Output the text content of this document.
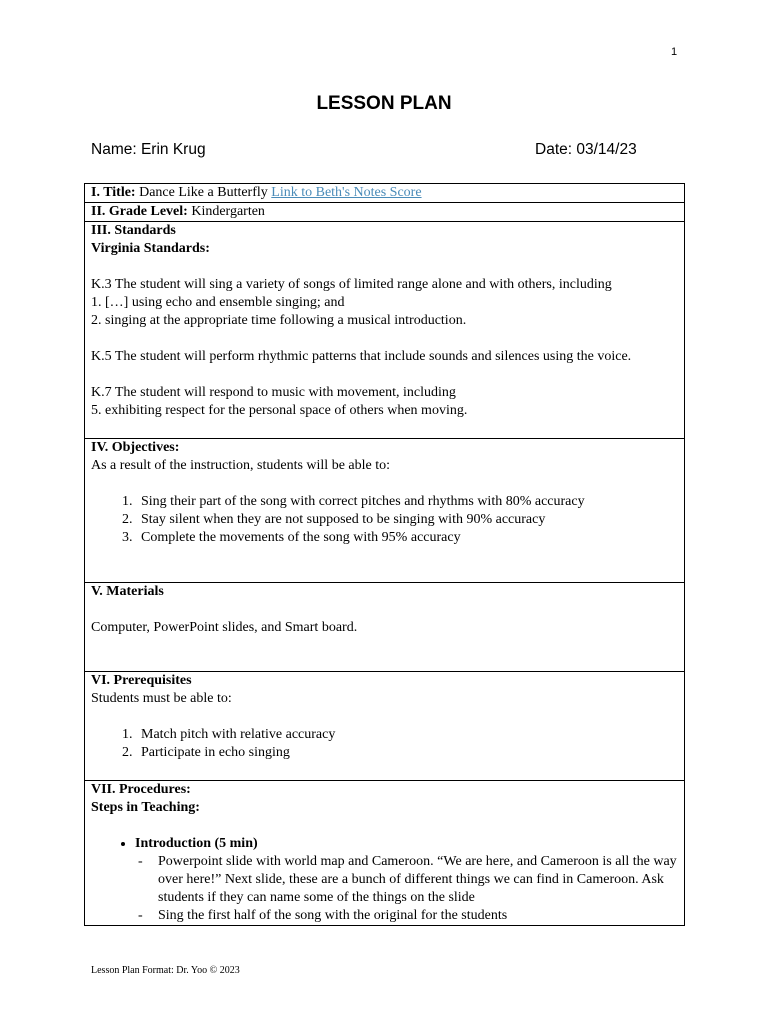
1
LESSON PLAN
Name: Erin Krug	Date: 03/14/23
I. Title: Dance Like a Butterfly Link to Beth's Notes Score
II. Grade Level: Kindergarten

III. Standards
Virginia Standards:
K.3 The student will sing a variety of songs of limited range alone and with others, including
1. […] using echo and ensemble singing; and
2. singing at the appropriate time following a musical introduction.
K.5 The student will perform rhythmic patterns that include sounds and silences using the voice.
K.7 The student will respond to music with movement, including
5. exhibiting respect for the personal space of others when moving.

IV. Objectives:
As a result of the instruction, students will be able to:
1. Sing their part of the song with correct pitches and rhythms with 80% accuracy
2. Stay silent when they are not supposed to be singing with 90% accuracy
3. Complete the movements of the song with 95% accuracy

V. Materials
Computer, PowerPoint slides, and Smart board.

VI. Prerequisites
Students must be able to:
1. Match pitch with relative accuracy
2. Participate in echo singing

VII. Procedures:
Steps in Teaching:
• Introduction (5 min)
- Powerpoint slide with world map and Cameroon. “We are here, and Cameroon is all the way over here!” Next slide, these are a bunch of different things we can find in Cameroon. Ask students if they can name some of the things on the slide
- Sing the first half of the song with the original for the students
Lesson Plan Format: Dr. Yoo © 2023
